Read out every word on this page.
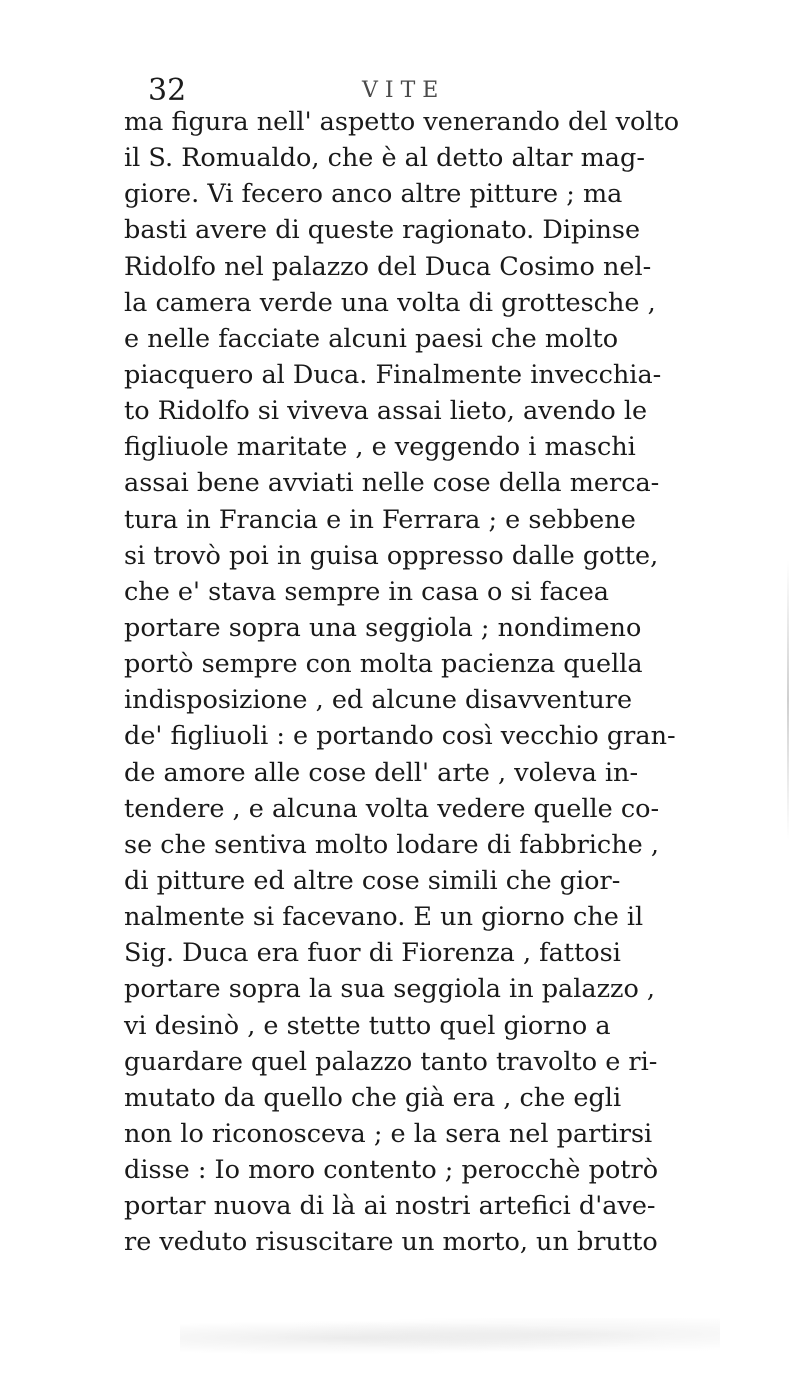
32	VITE
ma figura nell' aspetto venerando del volto
il S. Romualdo, che è al detto altar mag-
giore. Vi fecero anco altre pitture ; ma
basti avere di queste ragionato. Dipinse
Ridolfo nel palazzo del Duca Cosimo nel-
la camera verde una volta di grottesche ,
e nelle facciate alcuni paesi che molto
piacquero al Duca. Finalmente invecchia-
to Ridolfo si viveva assai lieto, avendo le
figliuole maritate , e veggendo i maschi
assai bene avviati nelle cose della merca-
tura in Francia e in Ferrara ; e sebbene
si trovò poi in guisa oppresso dalle gotte,
che e' stava sempre in casa o si facea
portare sopra una seggiola ; nondimeno
portò sempre con molta pacienza quella
indisposizione , ed alcune disavventure
de' figliuoli : e portando così vecchio gran-
de amore alle cose dell' arte , voleva in-
tendere , e alcuna volta vedere quelle co-
se che sentiva molto lodare di fabbriche ,
di pitture ed altre cose simili che gior-
nalmente si facevano. E un giorno che il
Sig. Duca era fuor di Fiorenza , fattosi
portare sopra la sua seggiola in palazzo ,
vi desinò , e stette tutto quel giorno a
guardare quel palazzo tanto travolto e ri-
mutato da quello che già era , che egli
non lo riconosceva ; e la sera nel partirsi
disse : Io moro contento ; perocchè potrò
portar nuova di là ai nostri artefici d'ave-
re veduto risuscitare un morto, un brutto
